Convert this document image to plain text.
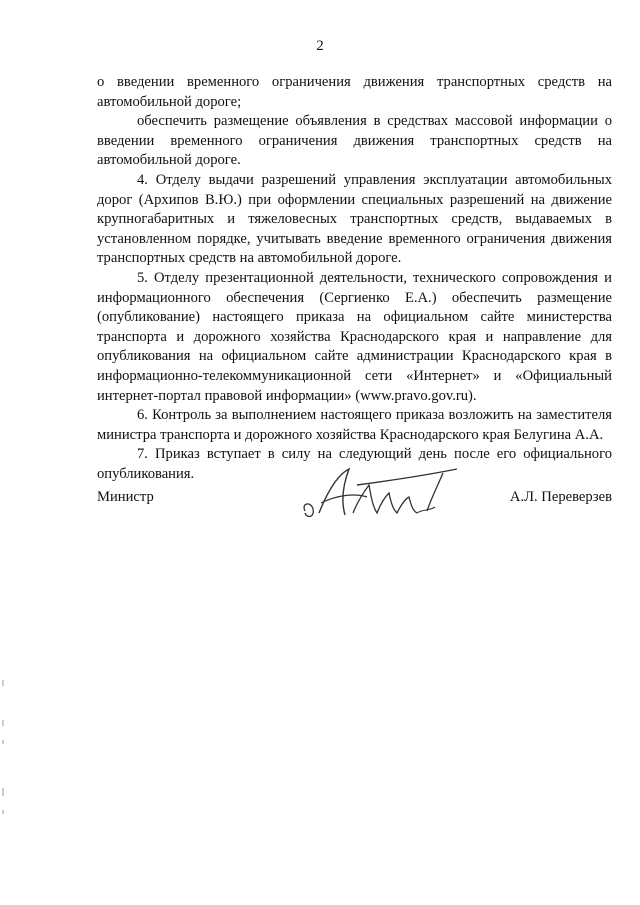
2

о введении временного ограничения движения транспортных средств на автомобильной дороге;

обеспечить размещение объявления в средствах массовой информации о введении временного ограничения движения транспортных средств на автомобильной дороге.

4. Отделу выдачи разрешений управления эксплуатации автомобильных дорог (Архипов В.Ю.) при оформлении специальных разрешений на движение крупногабаритных и тяжеловесных транспортных средств, выдаваемых в установленном порядке, учитывать введение временного ограничения движения транспортных средств на автомобильной дороге.

5. Отделу презентационной деятельности, технического сопровождения и информационного обеспечения (Сергиенко Е.А.) обеспечить размещение (опубликование) настоящего приказа на официальном сайте министерства транспорта и дорожного хозяйства Краснодарского края и направление для опубликования на официальном сайте администрации Краснодарского края в информационно-телекоммуникационной сети «Интернет» и «Официальный интернет-портал правовой информации» (www.pravo.gov.ru).

6. Контроль за выполнением настоящего приказа возложить на заместителя министра транспорта и дорожного хозяйства Краснодарского края Белугина А.А.

7. Приказ вступает в силу на следующий день после его официального опубликования.

Министр	А.Л. Переверзев
